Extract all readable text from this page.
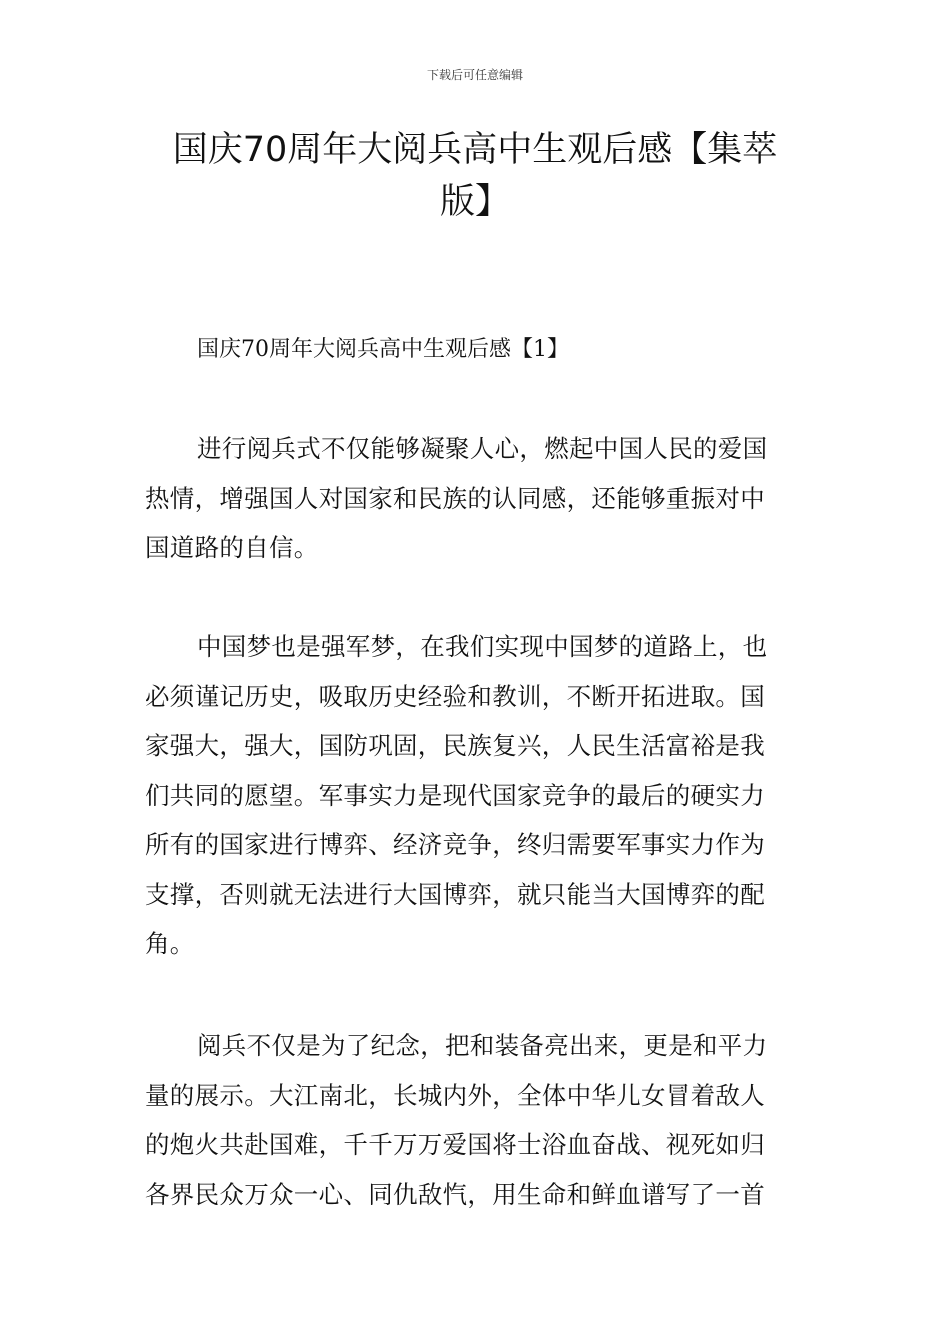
下载后可任意编辑
国庆70周年大阅兵高中生观后感【集萃
版】
国庆70周年大阅兵高中生观后感【1】
进行阅兵式不仅能够凝聚人心，燃起中国人民的爱国
热情，增强国人对国家和民族的认同感，还能够重振对中
国道路的自信。
中国梦也是强军梦，在我们实现中国梦的道路上，也
必须谨记历史，吸取历史经验和教训，不断开拓进取。国
家强大，强大，国防巩固，民族复兴，人民生活富裕是我
们共同的愿望。军事实力是现代国家竞争的最后的硬实力
所有的国家进行博弈、经济竞争，终归需要军事实力作为
支撑，否则就无法进行大国博弈，就只能当大国博弈的配
角。
阅兵不仅是为了纪念，把和装备亮出来，更是和平力
量的展示。大江南北，长城内外，全体中华儿女冒着敌人
的炮火共赴国难，千千万万爱国将士浴血奋战、视死如归
各界民众万众一心、同仇敌忾，用生命和鲜血谱写了一首
